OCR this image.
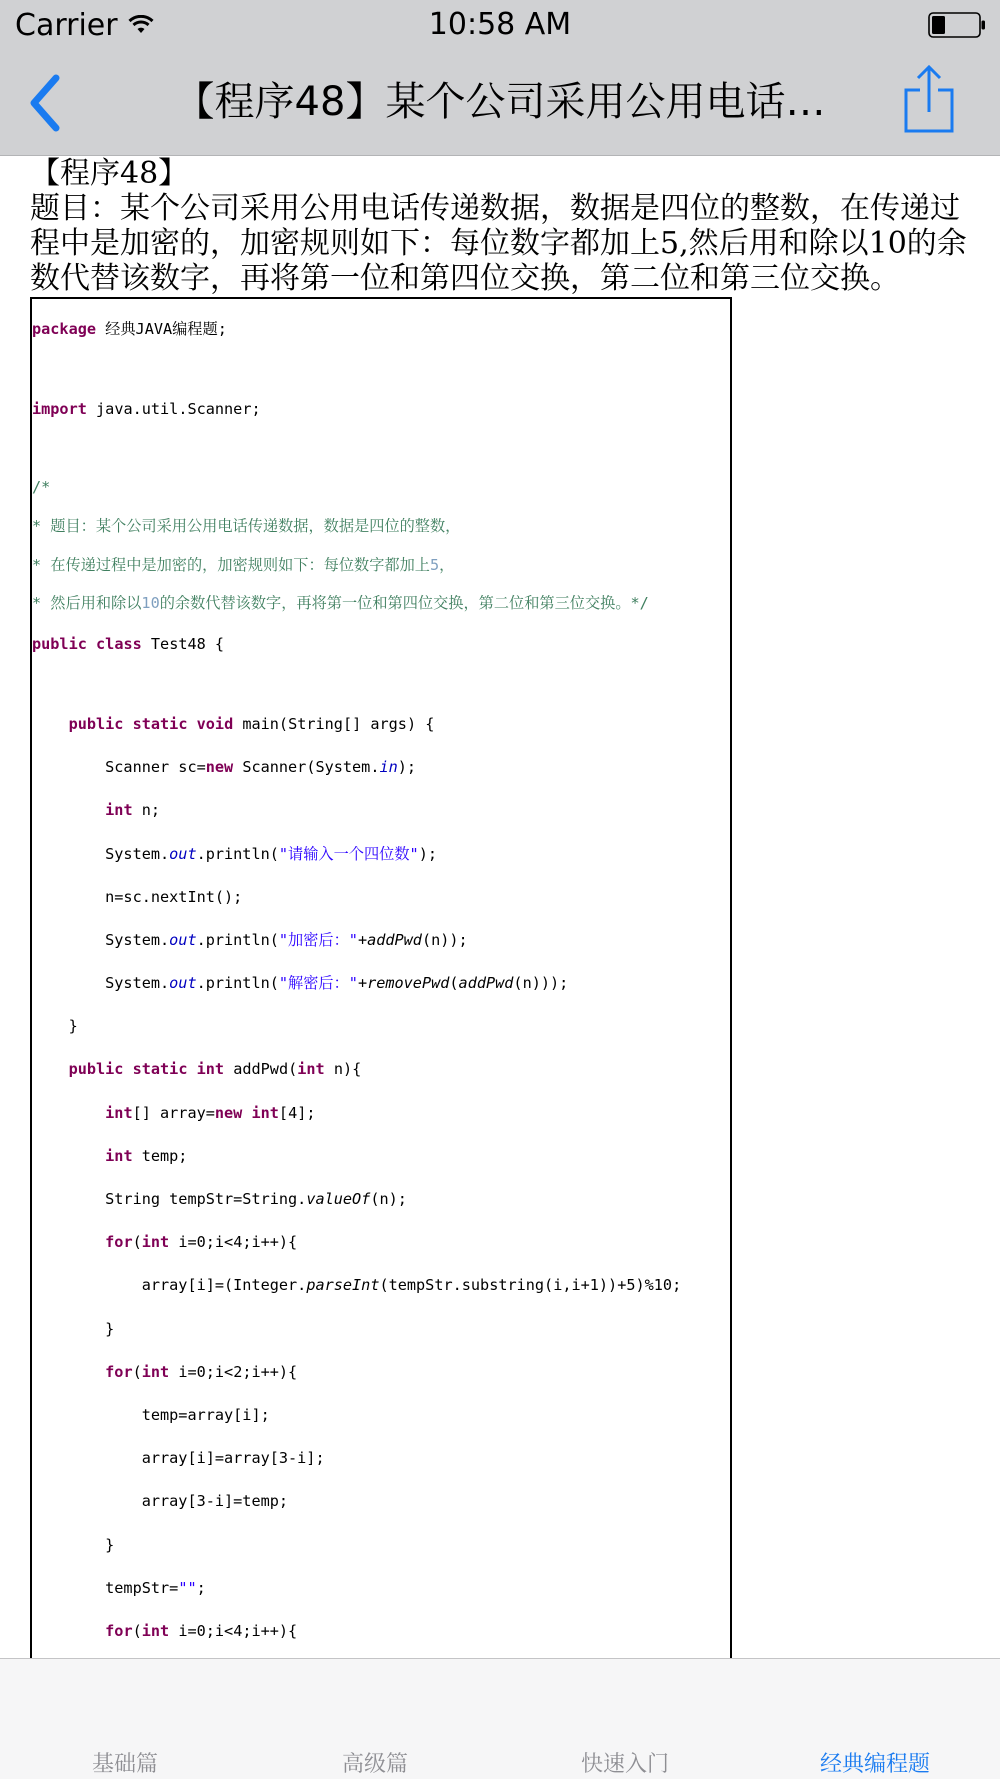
Carrier	10:58 AM
【程序48】某个公司采用公用电话…

【程序48】

题目：某个公司采用公用电话传递数据，数据是四位的整数，在传递过程中是加密的，加密规则如下：每位数字都加上5,然后用和除以10的余数代替该数字，再将第一位和第四位交换，第二位和第三位交换。

package 经典JAVA编程题;

import java.util.Scanner;

/*

* 题目：某个公司采用公用电话传递数据，数据是四位的整数，

* 在传递过程中是加密的，加密规则如下：每位数字都加上5，

* 然后用和除以10的余数代替该数字，再将第一位和第四位交换，第二位和第三位交换。*/

public class Test48 {

public static void main(String[] args) {

Scanner sc=new Scanner(System.in);

int n;

System.out.println("请输入一个四位数");

n=sc.nextInt();

System.out.println("加密后："+addPwd(n));

System.out.println("解密后："+removePwd(addPwd(n)));

}

public static int addPwd(int n){

int[] array=new int[4];

int temp;

String tempStr=String.valueOf(n);

for(int i=0;i<4;i++){

array[i]=(Integer.parseInt(tempStr.substring(i,i+1))+5)%10;

}

for(int i=0;i<2;i++){

temp=array[i];

array[i]=array[3-i];

array[3-i]=temp;

}

tempStr="";

for(int i=0;i<4;i++){

基础篇	高级篇	快速入门	经典编程题
